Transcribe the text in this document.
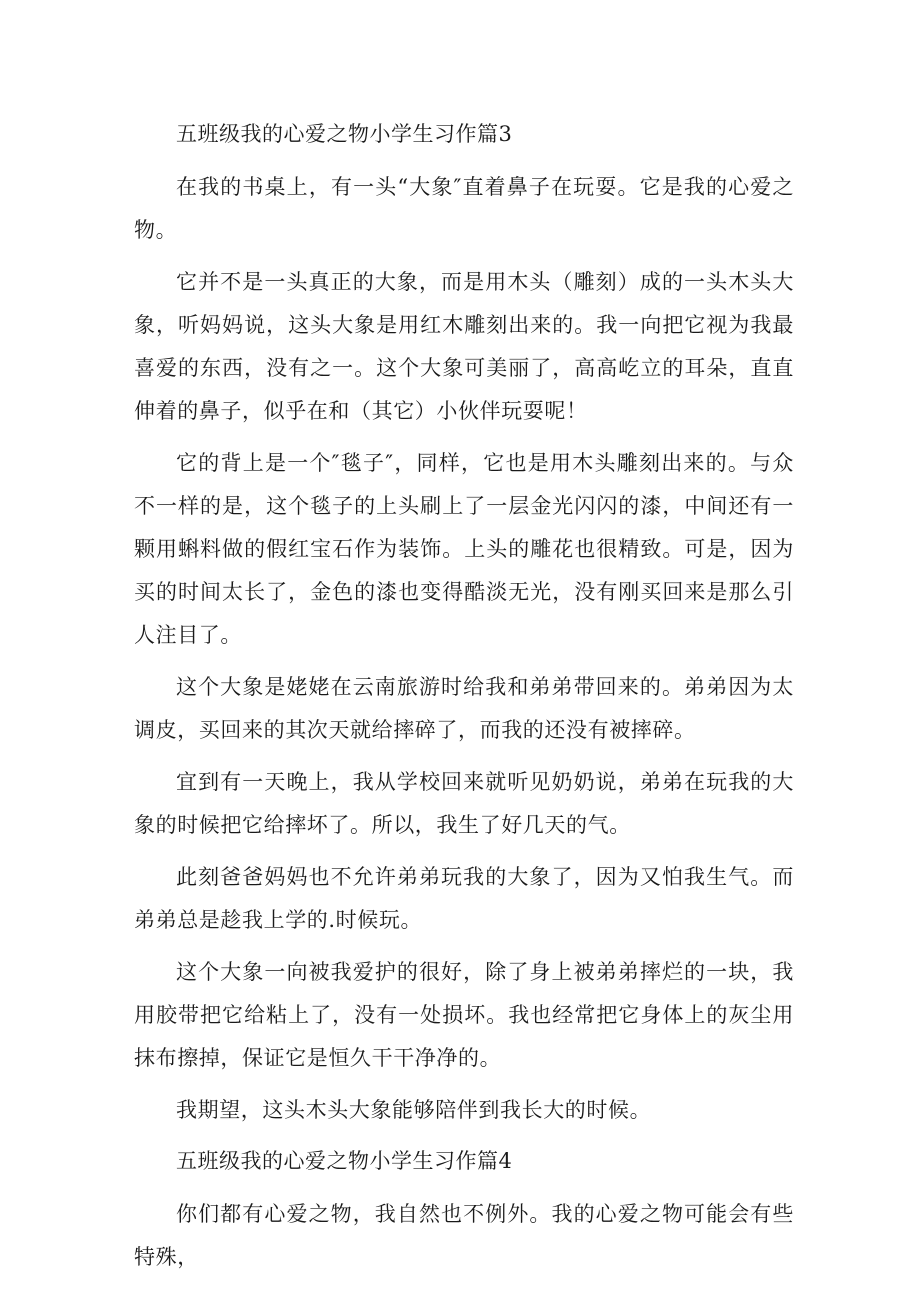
五班级我的心爱之物小学生习作篇3

在我的书桌上，有一头“大象″直着鼻子在玩耍。它是我的心爱之物。

它并不是一头真正的大象，而是用木头（雕刻）成的一头木头大象，听妈妈说，这头大象是用红木雕刻出来的。我一向把它视为我最喜爱的东西，没有之一。这个大象可美丽了，高高屹立的耳朵，直直伸着的鼻子，似乎在和（其它）小伙伴玩耍呢！

它的背上是一个″毯子″，同样，它也是用木头雕刻出来的。与众不一样的是，这个毯子的上头刷上了一层金光闪闪的漆，中间还有一颗用蝌料做的假红宝石作为装饰。上头的雕花也很精致。可是，因为买的时间太长了，金色的漆也变得酷淡无光，没有刚买回来是那么引人注目了。

这个大象是姥姥在云南旅游时给我和弟弟带回来的。弟弟因为太调皮，买回来的其次天就给摔碎了，而我的还没有被摔碎。

宜到有一天晚上，我从学校回来就听见奶奶说，弟弟在玩我的大象的时候把它给摔坏了。所以，我生了好几天的气。

此刻爸爸妈妈也不允许弟弟玩我的大象了，因为又怕我生气。而弟弟总是趁我上学的.时候玩。

这个大象一向被我爱护的很好，除了身上被弟弟摔烂的一块，我用胶带把它给粘上了，没有一处损坏。我也经常把它身体上的灰尘用抹布擦掉，保证它是恒久干干净净的。

我期望，这头木头大象能够陪伴到我长大的时候。

五班级我的心爱之物小学生习作篇4

你们都有心爱之物，我自然也不例外。我的心爱之物可能会有些特殊，
